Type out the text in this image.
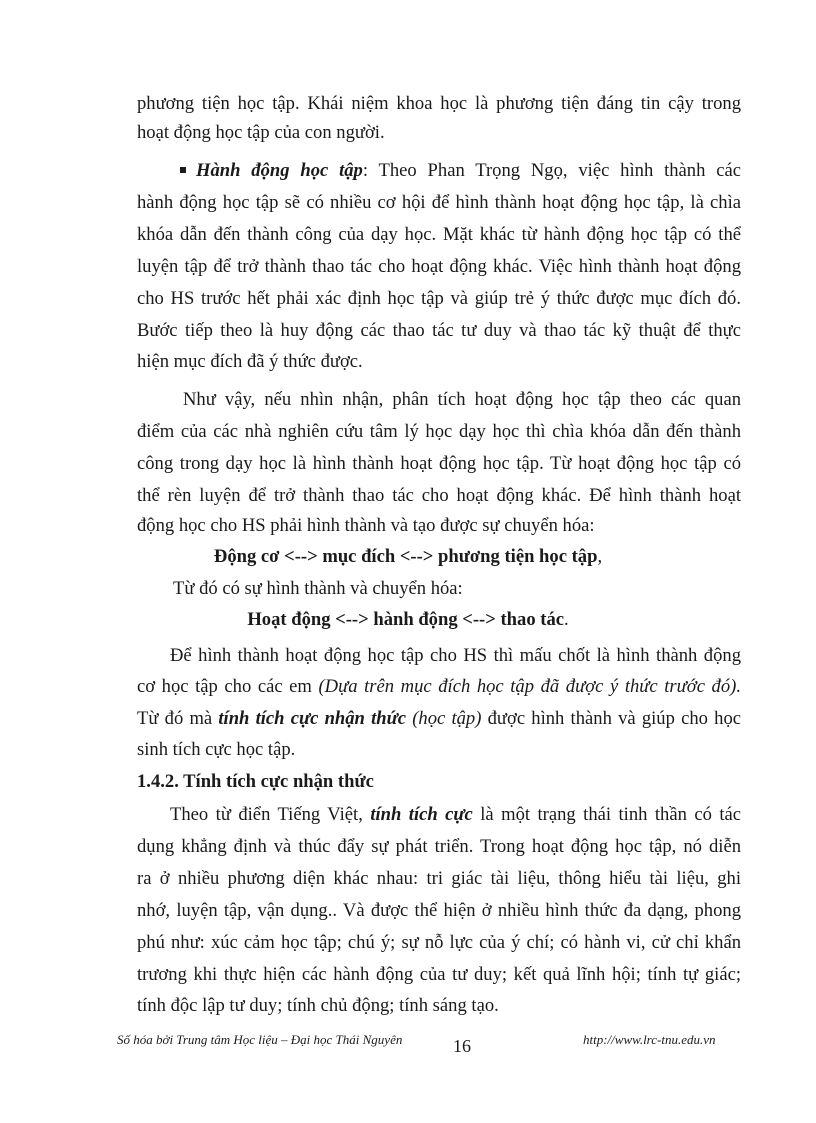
phương tiện học tập. Khái niệm khoa học là phương tiện đáng tin cậy trong
hoạt động học tập của con người.
Hành động học tập: Theo Phan Trọng Ngọ, việc hình thành các
hành động học tập sẽ có nhiều cơ hội để hình thành hoạt động học tập, là chìa
khóa dẫn đến thành công của dạy học. Mặt khác từ hành động học tập có thể
luyện tập để trở thành thao tác cho hoạt động khác. Việc hình thành hoạt động
cho HS trước hết phải xác định học tập và giúp trẻ ý thức được mục đích đó.
Bước tiếp theo là huy động các thao tác tư duy và thao tác kỹ thuật để thực
hiện mục đích đã ý thức được.
Như vậy, nếu nhìn nhận, phân tích hoạt động học tập theo các quan
điểm của các nhà nghiên cứu tâm lý học dạy học thì chìa khóa dẫn đến thành
công trong dạy học là hình thành hoạt động học tập. Từ hoạt động học tập có
thể rèn luyện để trở thành thao tác cho hoạt động khác. Để hình thành hoạt
động học cho HS phải hình thành và tạo được sự chuyển hóa:
Động cơ <--> mục đích <--> phương tiện học tập,
Từ đó có sự hình thành và chuyển hóa:
Hoạt động <--> hành động <--> thao tác.
Để hình thành hoạt động học tập cho HS thì mấu chốt là hình thành động
cơ học tập cho các em (Dựa trên mục đích học tập đã được ý thức trước đó).
Từ đó mà tính tích cực nhận thức (học tập) được hình thành và giúp cho học
sinh tích cực học tập.
1.4.2. Tính tích cực nhận thức
Theo từ điển Tiếng Việt, tính tích cực là một trạng thái tinh thần có tác
dụng khẳng định và thúc đẩy sự phát triển. Trong hoạt động học tập, nó diễn
ra ở nhiều phương diện khác nhau: tri giác tài liệu, thông hiểu tài liệu, ghi
nhớ, luyện tập, vận dụng.. Và được thể hiện ở nhiều hình thức đa dạng, phong
phú như: xúc cảm học tập; chú ý; sự nỗ lực của ý chí; có hành vi, cử chỉ khẩn
trương khi thực hiện các hành động của tư duy; kết quả lĩnh hội; tính tự giác;
tính độc lập tư duy; tính chủ động; tính sáng tạo.
Số hóa bởi Trung tâm Học liệu – Đại học Thái Nguyên	16	http://www.lrc-tnu.edu.vn
